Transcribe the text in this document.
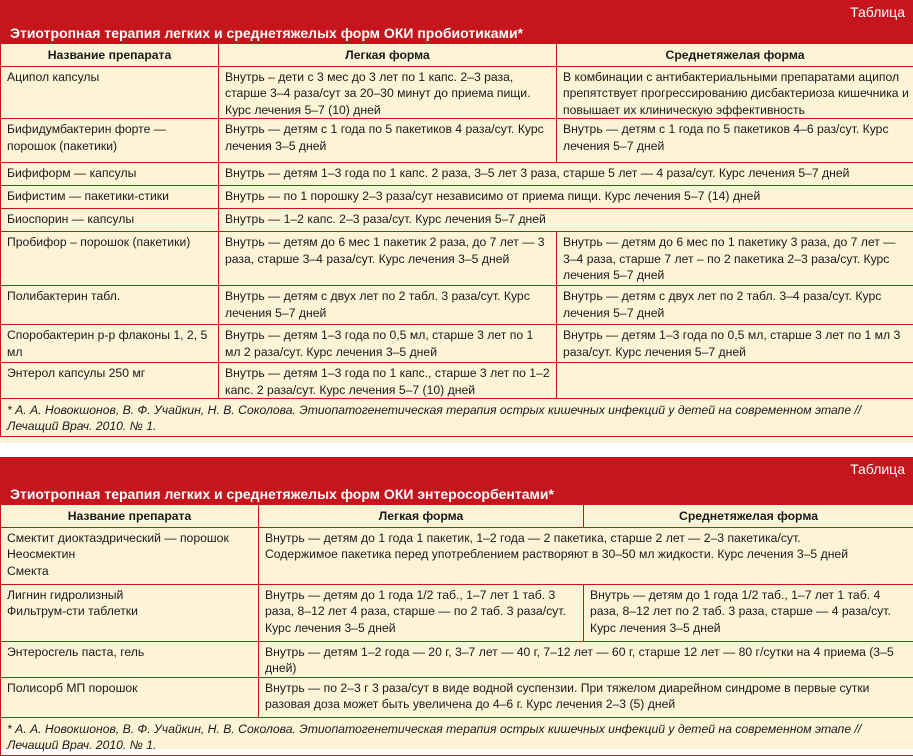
Таблица
Этиотропная терапия легких и среднетяжелых форм ОКИ пробиотиками*
Название препарата	Легкая форма	Среднетяжелая форма
Аципол капсулы	Внутрь – дети с 3 мес до 3 лет по 1 капс. 2–3 раза, старше 3–4 раза/сут за 20–30 минут до приема пищи. Курс лечения 5–7 (10) дней	В комбинации с антибактериальными препаратами аципол препятствует прогрессированию дисбактериоза кишечника и повышает их клиническую эффективность
Бифидумбактерин форте — порошок (пакетики)	Внутрь — детям с 1 года по 5 пакетиков 4 раза/сут. Курс лечения 3–5 дней	Внутрь — детям с 1 года по 5 пакетиков 4–6 раз/сут. Курс лечения 5–7 дней
Бифиформ — капсулы	Внутрь — детям 1–3 года по 1 капс. 2 раза, 3–5 лет 3 раза, старше 5 лет — 4 раза/сут. Курс лечения 5–7 дней	
Бифистим — пакетики-стики	Внутрь — по 1 порошку 2–3 раза/сут независимо от приема пищи. Курс лечения 5–7 (14) дней	
Биоспорин — капсулы	Внутрь — 1–2 капс. 2–3 раза/сут. Курс лечения 5–7 дней	
Пробифор – порошок (пакетики)	Внутрь — детям до 6 мес 1 пакетик 2 раза, до 7 лет — 3 раза, старше 3–4 раза/сут. Курс лечения 3–5 дней	Внутрь — детям до 6 мес по 1 пакетику 3 раза, до 7 лет — 3–4 раза, старше 7 лет – по 2 пакетика 2–3 раза/сут. Курс лечения 5–7 дней
Полибактерин табл.	Внутрь — детям с двух лет по 2 табл. 3 раза/сут. Курс лечения 5–7 дней	Внутрь — детям с двух лет по 2 табл. 3–4 раза/сут. Курс лечения 5–7 дней
Споробактерин р-р флаконы 1, 2, 5 мл	Внутрь — детям 1–3 года по 0,5 мл, старше 3 лет по 1 мл 2 раза/сут. Курс лечения 3–5 дней	Внутрь — детям 1–3 года по 0,5 мл, старше 3 лет по 1 мл 3 раза/сут. Курс лечения 5–7 дней
Энтерол капсулы 250 мг	Внутрь — детям 1–3 года по 1 капс., старше 3 лет по 1–2 капс. 2 раза/сут. Курс лечения 5–7 (10) дней	
* А. А. Новокшонов, В. Ф. Учайкин, Н. В. Соколова. Этиопатогенетическая терапия острых кишечных инфекций у детей на современном этапе // Лечащий Врач. 2010. № 1.		
Таблица
Этиотропная терапия легких и среднетяжелых форм ОКИ энтеросорбентами*
Название препарата	Легкая форма	Среднетяжелая форма
Смектит диоктаэдрический — порошок
Неосмектин
Смекта	Внутрь — детям до 1 года 1 пакетик, 1–2 года — 2 пакетика, старше 2 лет — 2–3 пакетика/сут.
Содержимое пакетика перед употреблением растворяют в 30–50 мл жидкости. Курс лечения 3–5 дней	
Лигнин гидролизный
Фильтрум-сти таблетки	Внутрь — детям до 1 года 1/2 таб., 1–7 лет 1 таб. 3 раза, 8–12 лет 4 раза, старше — по 2 таб. 3 раза/сут. Курс лечения 3–5 дней	Внутрь — детям до 1 года 1/2 таб., 1–7 лет 1 таб. 4 раза, 8–12 лет по 2 таб. 3 раза, старше — 4 раза/сут. Курс лечения 3–5 дней
Энтеросгель паста, гель	Внутрь — детям 1–2 года — 20 г, 3–7 лет — 40 г, 7–12 лет — 60 г, старше 12 лет — 80 г/сутки на 4 приема (3–5 дней)	
Полисорб МП порошок	Внутрь — по 2–3 г 3 раза/сут в виде водной суспензии. При тяжелом диарейном синдроме в первые сутки разовая доза может быть увеличена до 4–6 г. Курс лечения 2–3 (5) дней	
* А. А. Новокшонов, В. Ф. Учайкин, Н. В. Соколова. Этиопатогенетическая терапия острых кишечных инфекций у детей на современном этапе // Лечащий Врач. 2010. № 1.		
